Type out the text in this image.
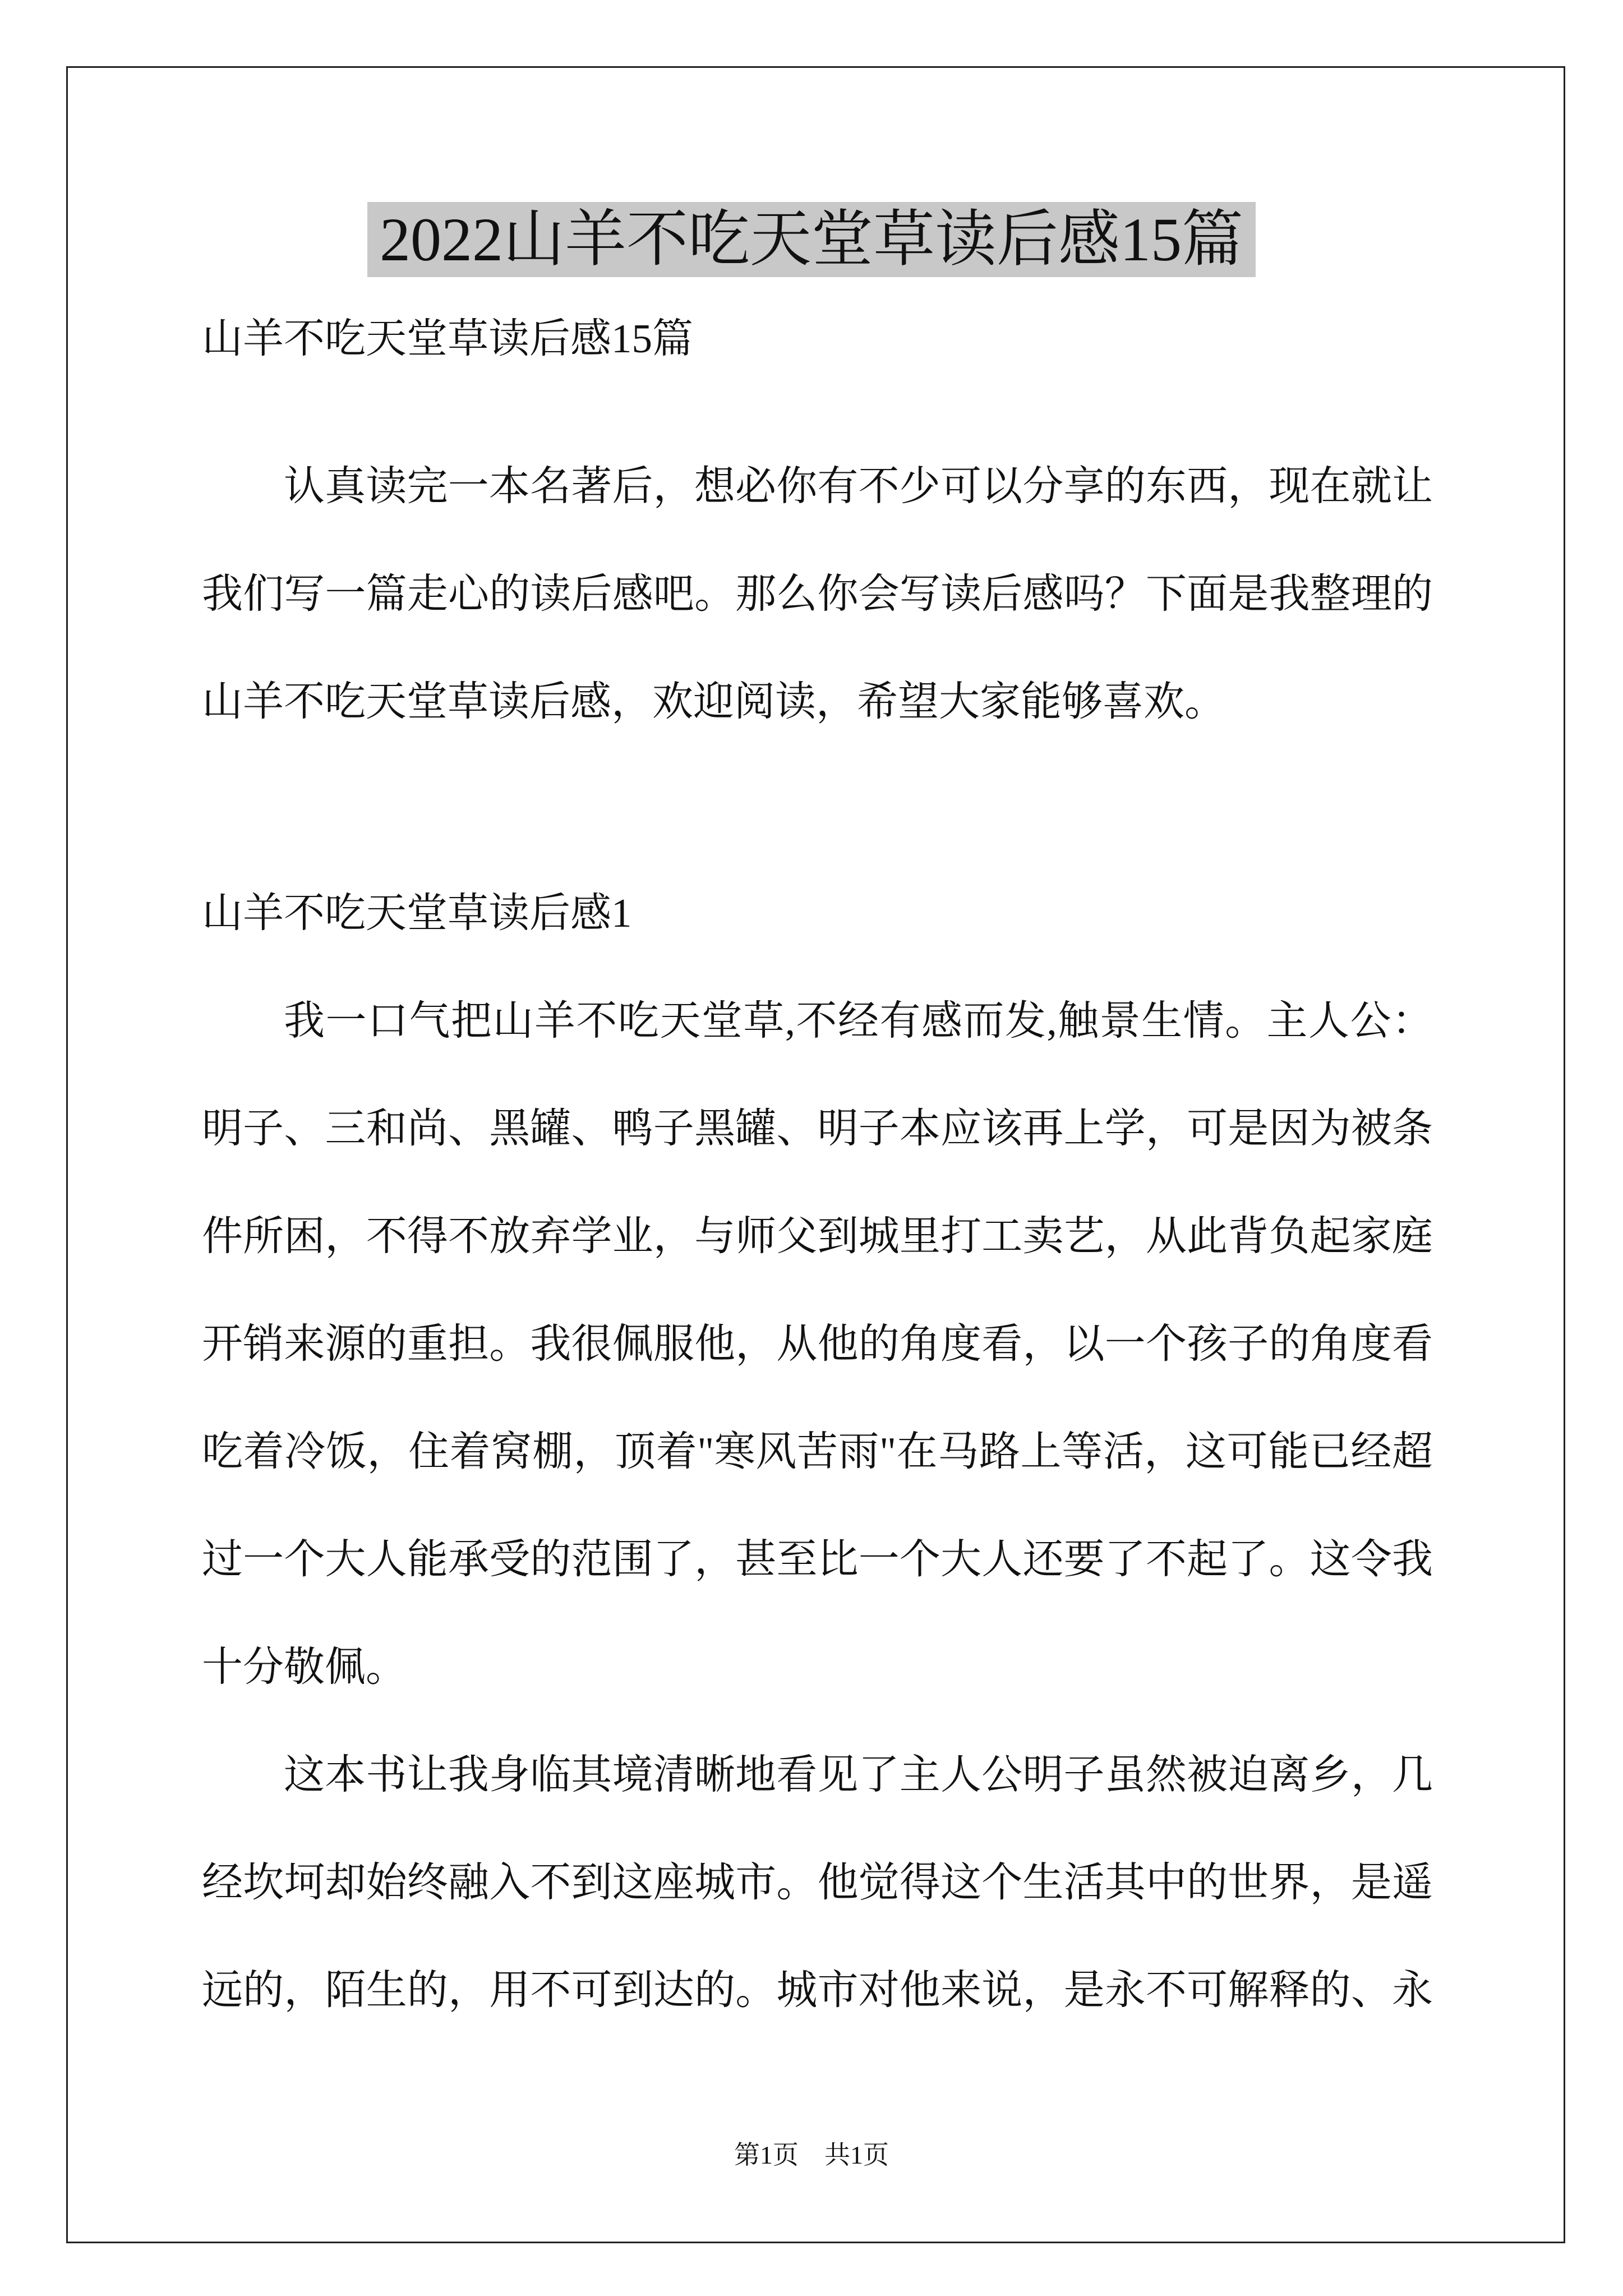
2022山羊不吃天堂草读后感15篇
山羊不吃天堂草读后感15篇
认真读完一本名著后，想必你有不少可以分享的东西，现在就让
我们写一篇走心的读后感吧。那么你会写读后感吗？下面是我整理的
山羊不吃天堂草读后感，欢迎阅读，希望大家能够喜欢。
山羊不吃天堂草读后感1
我一口气把山羊不吃天堂草,不经有感而发,触景生情。主人公：
明子、三和尚、黑罐、鸭子黑罐、明子本应该再上学，可是因为被条
件所困，不得不放弃学业，与师父到城里打工卖艺，从此背负起家庭
开销来源的重担。我很佩服他，从他的角度看，以一个孩子的角度看
吃着冷饭，住着窝棚，顶着"寒风苦雨"在马路上等活，这可能已经超
过一个大人能承受的范围了，甚至比一个大人还要了不起了。这令我
十分敬佩。
这本书让我身临其境清晰地看见了主人公明子虽然被迫离乡，几
经坎坷却始终融入不到这座城市。他觉得这个生活其中的世界，是遥
远的，陌生的，用不可到达的。城市对他来说，是永不可解释的、永
第1页 共1页
